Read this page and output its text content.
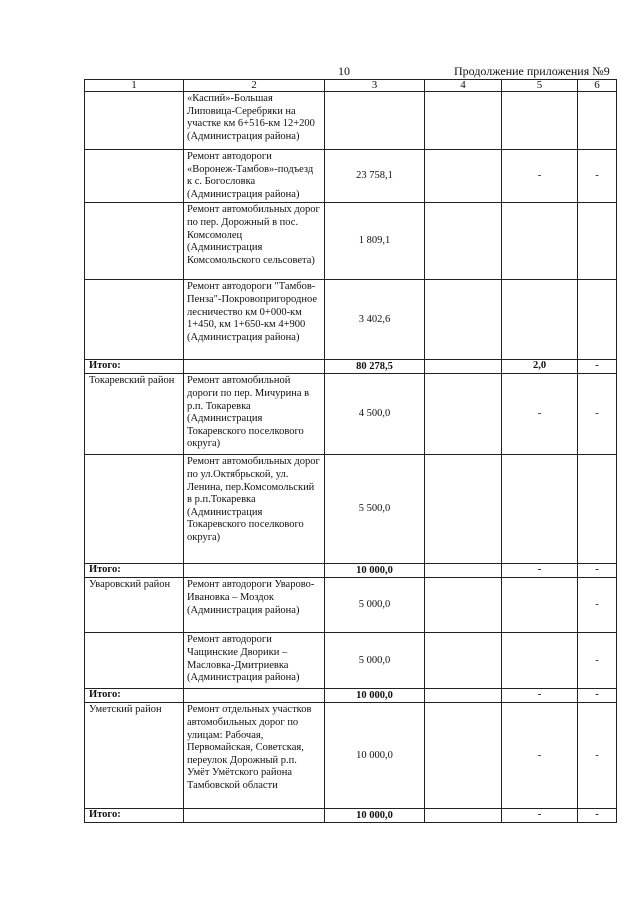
10	Продолжение приложения №9
1	2	3	4	5	6
	«Каспий»-Большая Липовица-Серебряки на участке км 6+516-км 12+200 (Администрация района)				
	Ремонт автодороги «Воронеж-Тамбов»-подъезд к с. Богословка (Администрация района)	23 758,1		-	-
	Ремонт автомобильных дорог по пер. Дорожный в пос. Комсомолец (Администрация Комсомольского сельсовета)	1 809,1			
	Ремонт автодороги "Тамбов-Пенза"-Покровопригородное лесничество км 0+000-км 1+450, км 1+650-км 4+900 (Администрация района)	3 402,6			
Итого:		80 278,5		2,0	-
Токаревский район	Ремонт автомобильной дороги по пер. Мичурина в р.п. Токаревка (Администрация Токаревского поселкового округа)	4 500,0		-	-
	Ремонт автомобильных дорог по ул.Октябрьской, ул. Ленина, пер.Комсомольский в р.п.Токаревка (Администрация Токаревского поселкового округа)	5 500,0			
Итого:		10 000,0		-	-
Уваровский район	Ремонт автодороги Уварово-Ивановка – Моздок (Администрация района)	5 000,0			-
	Ремонт автодороги Чащинские Дворики – Масловка-Дмитриевка (Администрация района)	5 000,0			-
Итого:		10 000,0		-	-
Уметский район	Ремонт отдельных участков автомобильных дорог по улицам: Рабочая, Первомайская, Советская, переулок Дорожный р.п. Умёт Умётского района Тамбовской области	10 000,0		-	-
Итого:		10 000,0		-	-
